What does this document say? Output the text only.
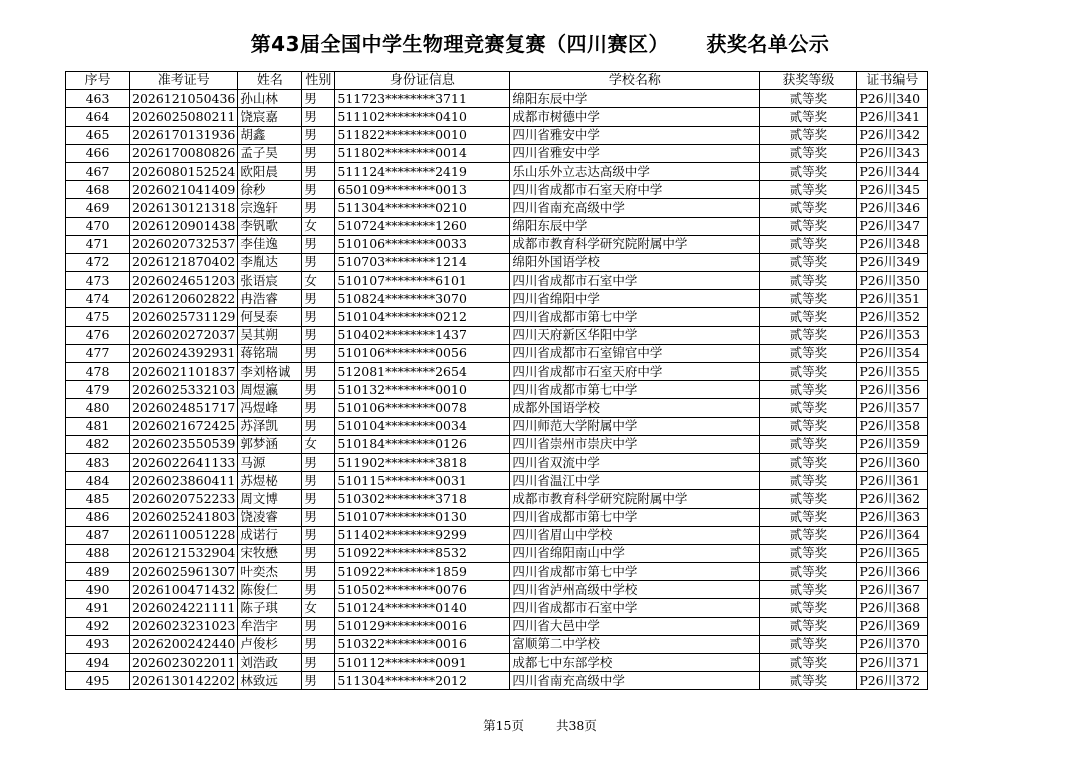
第43届全国中学生物理竞赛复赛（四川赛区） 获奖名单公示
序号	准考证号	姓名	性别	身份证信息	学校名称	获奖等级	证书编号
463	2026121050436	孙山林	男	511723********3711	绵阳东辰中学	贰等奖	P26川340
464	2026025080211	饶宸嘉	男	511102********0410	成都市树德中学	贰等奖	P26川341
465	2026170131936	胡鑫	男	511822********0010	四川省雅安中学	贰等奖	P26川342
466	2026170080826	孟子昊	男	511802********0014	四川省雅安中学	贰等奖	P26川343
467	2026080152524	欧阳晨	男	511124********2419	乐山乐外立志达高级中学	贰等奖	P26川344
468	2026021041409	徐秒	男	650109********0013	四川省成都市石室天府中学	贰等奖	P26川345
469	2026130121318	宗逸轩	男	511304********0210	四川省南充高级中学	贰等奖	P26川346
470	2026120901438	李钒歌	女	510724********1260	绵阳东辰中学	贰等奖	P26川347
471	2026020732537	李佳逸	男	510106********0033	成都市教育科学研究院附属中学	贰等奖	P26川348
472	2026121870402	李胤达	男	510703********1214	绵阳外国语学校	贰等奖	P26川349
473	2026024651203	张语宸	女	510107********6101	四川省成都市石室中学	贰等奖	P26川350
474	2026120602822	冉浩睿	男	510824********3070	四川省绵阳中学	贰等奖	P26川351
475	2026025731129	何旻泰	男	510104********0212	四川省成都市第七中学	贰等奖	P26川352
476	2026020272037	吴其朔	男	510402********1437	四川天府新区华阳中学	贰等奖	P26川353
477	2026024392931	蒋铭瑞	男	510106********0056	四川省成都市石室锦官中学	贰等奖	P26川354
478	2026021101837	李刘格诚	男	512081********2654	四川省成都市石室天府中学	贰等奖	P26川355
479	2026025332103	周煜瀛	男	510132********0010	四川省成都市第七中学	贰等奖	P26川356
480	2026024851717	冯煜峰	男	510106********0078	成都外国语学校	贰等奖	P26川357
481	2026021672425	苏泽凯	男	510104********0034	四川师范大学附属中学	贰等奖	P26川358
482	2026023550539	郭梦涵	女	510184********0126	四川省崇州市崇庆中学	贰等奖	P26川359
483	2026022641133	马源	男	511902********3818	四川省双流中学	贰等奖	P26川360
484	2026023860411	苏煜柲	男	510115********0031	四川省温江中学	贰等奖	P26川361
485	2026020752233	周文博	男	510302********3718	成都市教育科学研究院附属中学	贰等奖	P26川362
486	2026025241803	饶凌睿	男	510107********0130	四川省成都市第七中学	贰等奖	P26川363
487	2026110051228	成诺行	男	511402********9299	四川省眉山中学校	贰等奖	P26川364
488	2026121532904	宋牧懋	男	510922********8532	四川省绵阳南山中学	贰等奖	P26川365
489	2026025961307	叶奕杰	男	510922********1859	四川省成都市第七中学	贰等奖	P26川366
490	2026100471432	陈俊仁	男	510502********0076	四川省泸州高级中学校	贰等奖	P26川367
491	2026024221111	陈子琪	女	510124********0140	四川省成都市石室中学	贰等奖	P26川368
492	2026023231023	牟浩宇	男	510129********0016	四川省大邑中学	贰等奖	P26川369
493	2026200242440	卢俊杉	男	510322********0016	富顺第二中学校	贰等奖	P26川370
494	2026023022011	刘浩政	男	510112********0091	成都七中东部学校	贰等奖	P26川371
495	2026130142202	林致远	男	511304********2012	四川省南充高级中学	贰等奖	P26川372
第15页	共38页
